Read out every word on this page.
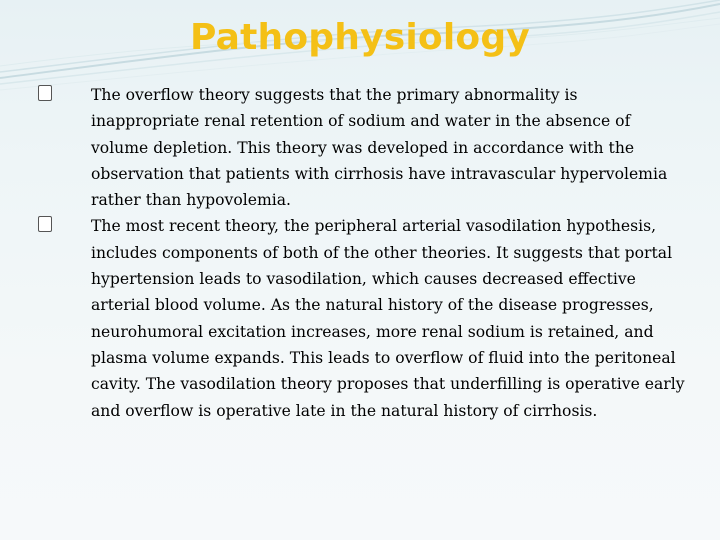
Pathophysiology
The overflow theory suggests that the primary abnormality is inappropriate renal retention of sodium and water in the absence of volume depletion. This theory was developed in accordance with the observation that patients with cirrhosis have intravascular hypervolemia rather than hypovolemia.
The most recent theory, the peripheral arterial vasodilation hypothesis, includes components of both of the other theories. It suggests that portal hypertension leads to vasodilation, which causes decreased effective arterial blood volume. As the natural history of the disease progresses, neurohumoral excitation increases, more renal sodium is retained, and plasma volume expands. This leads to overflow of fluid into the peritoneal cavity. The vasodilation theory proposes that underfilling is operative early and overflow is operative late in the natural history of cirrhosis.
